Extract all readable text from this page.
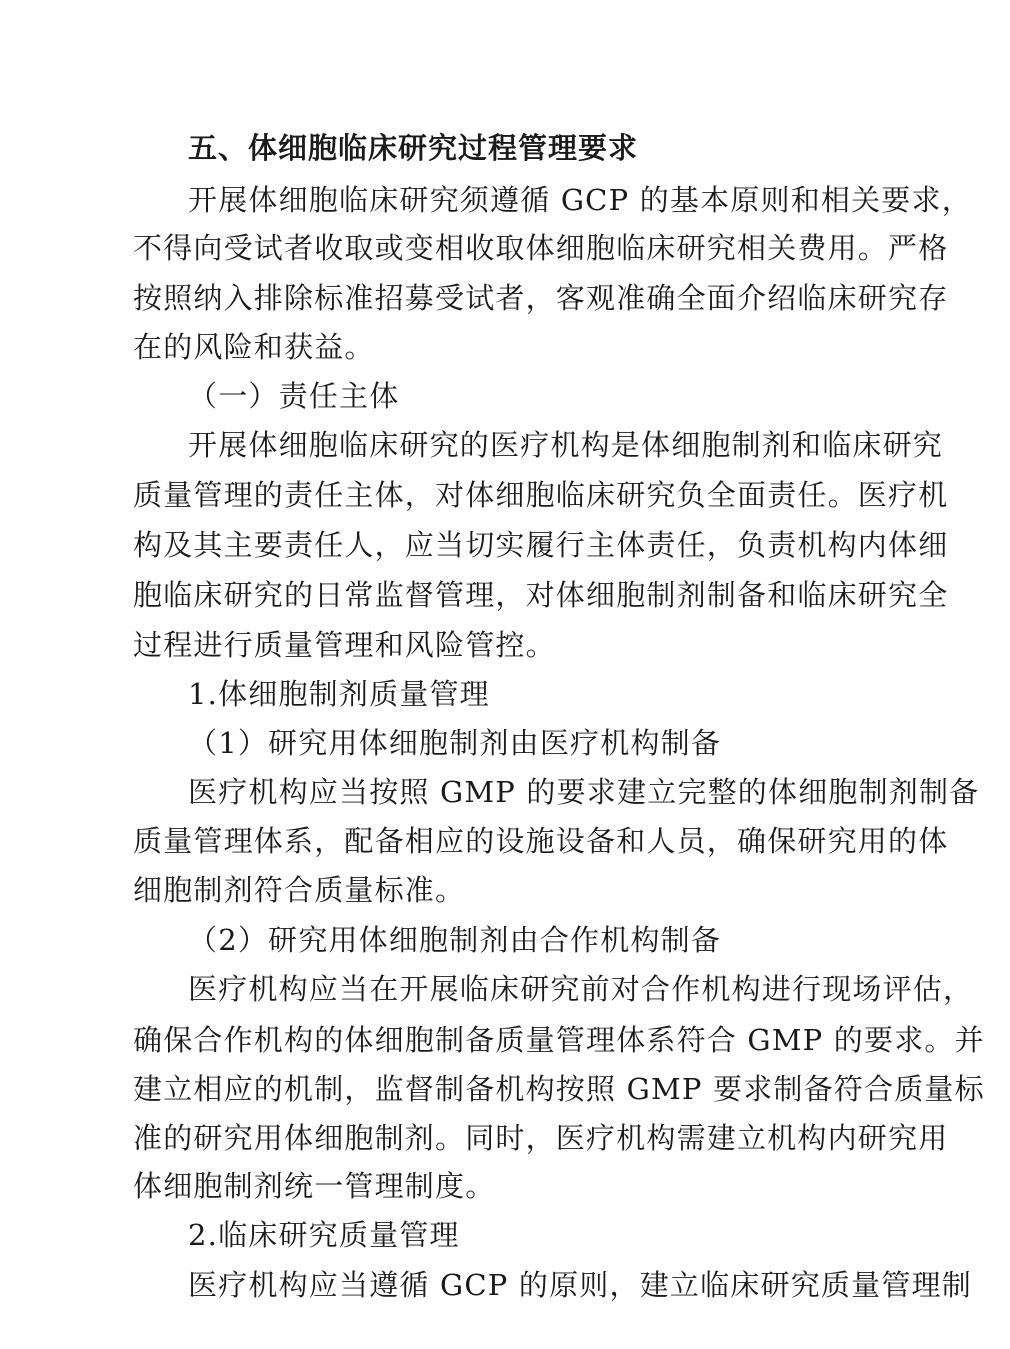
五、体细胞临床研究过程管理要求
开展体细胞临床研究须遵循 GCP 的基本原则和相关要求，
不得向受试者收取或变相收取体细胞临床研究相关费用。严格
按照纳入排除标准招募受试者，客观准确全面介绍临床研究存
在的风险和获益。
（一）责任主体
开展体细胞临床研究的医疗机构是体细胞制剂和临床研究
质量管理的责任主体，对体细胞临床研究负全面责任。医疗机
构及其主要责任人，应当切实履行主体责任，负责机构内体细
胞临床研究的日常监督管理，对体细胞制剂制备和临床研究全
过程进行质量管理和风险管控。
1.体细胞制剂质量管理
（1）研究用体细胞制剂由医疗机构制备
医疗机构应当按照 GMP 的要求建立完整的体细胞制剂制备
质量管理体系，配备相应的设施设备和人员，确保研究用的体
细胞制剂符合质量标准。
（2）研究用体细胞制剂由合作机构制备
医疗机构应当在开展临床研究前对合作机构进行现场评估，
确保合作机构的体细胞制备质量管理体系符合 GMP 的要求。并
建立相应的机制，监督制备机构按照 GMP 要求制备符合质量标
准的研究用体细胞制剂。同时，医疗机构需建立机构内研究用
体细胞制剂统一管理制度。
2.临床研究质量管理
医疗机构应当遵循 GCP 的原则，建立临床研究质量管理制
